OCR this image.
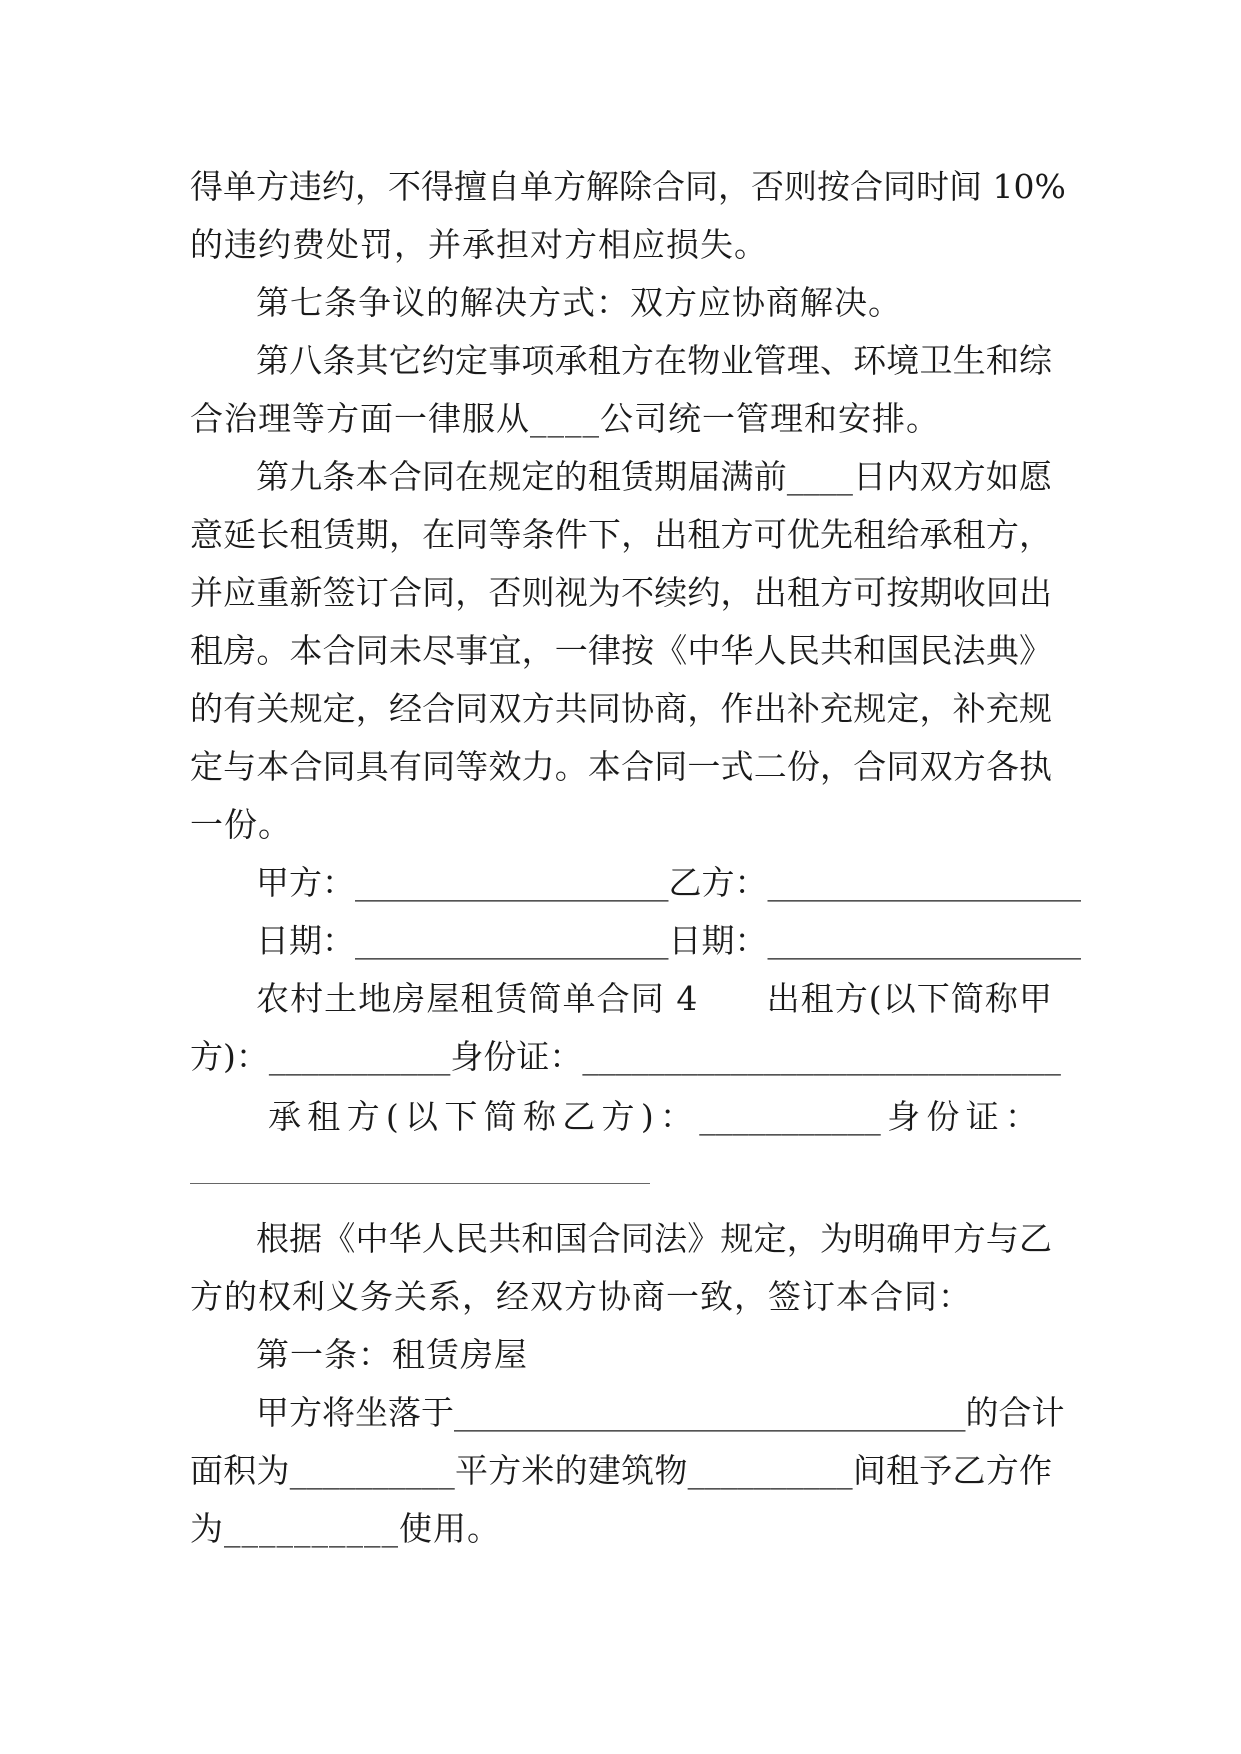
得单方违约，不得擅自单方解除合同，否则按合同时间 10%
的违约费处罚，并承担对方相应损失。
第七条争议的解决方式：双方应协商解决。
第八条其它约定事项承租方在物业管理、环境卫生和综
合治理等方面一律服从____公司统一管理和安排。
第九条本合同在规定的租赁期届满前____日内双方如愿
意延长租赁期，在同等条件下，出租方可优先租给承租方，
并应重新签订合同，否则视为不续约，出租方可按期收回出
租房。本合同未尽事宜，一律按《中华人民共和国民法典》
的有关规定，经合同双方共同协商，作出补充规定，补充规
定与本合同具有同等效力。本合同一式二份，合同双方各执
一份。
甲方：___________________乙方：___________________
日期：___________________日期：___________________
农村土地房屋租赁简单合同 4　　出租方(以下简称甲
方)：___________身份证：_____________________________
承租方(以下简称乙方)：___________身份证：
根据《中华人民共和国合同法》规定，为明确甲方与乙
方的权利义务关系，经双方协商一致，签订本合同：
第一条：租赁房屋
甲方将坐落于_______________________________的合计
面积为__________平方米的建筑物__________间租予乙方作
为__________使用。
